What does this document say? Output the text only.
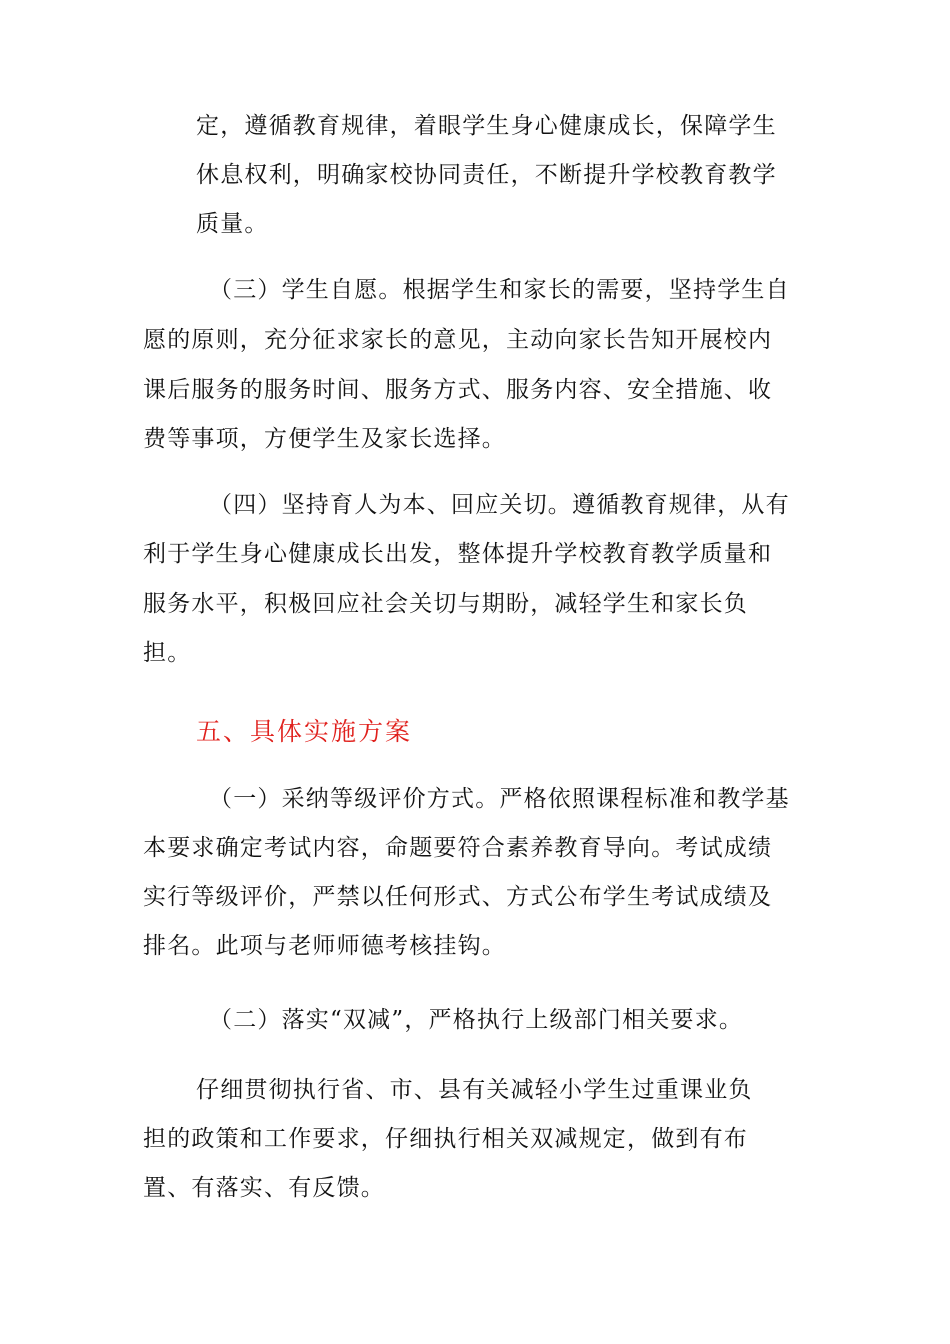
定，遵循教育规律，着眼学生身心健康成长，保障学生
休息权利，明确家校协同责任，不断提升学校教育教学
质量。
（三）学生自愿。根据学生和家长的需要，坚持学生自
愿的原则，充分征求家长的意见，主动向家长告知开展校内
课后服务的服务时间、服务方式、服务内容、安全措施、收
费等事项，方便学生及家长选择。
（四）坚持育人为本、回应关切。遵循教育规律，从有
利于学生身心健康成长出发，整体提升学校教育教学质量和
服务水平，积极回应社会关切与期盼，减轻学生和家长负
担。
五、具体实施方案
（一）采纳等级评价方式。严格依照课程标准和教学基
本要求确定考试内容，命题要符合素养教育导向。考试成绩
实行等级评价，严禁以任何形式、方式公布学生考试成绩及
排名。此项与老师师德考核挂钩。
（二）落实“双减”，严格执行上级部门相关要求。
仔细贯彻执行省、市、县有关减轻小学生过重课业负
担的政策和工作要求，仔细执行相关双减规定，做到有布
置、有落实、有反馈。
